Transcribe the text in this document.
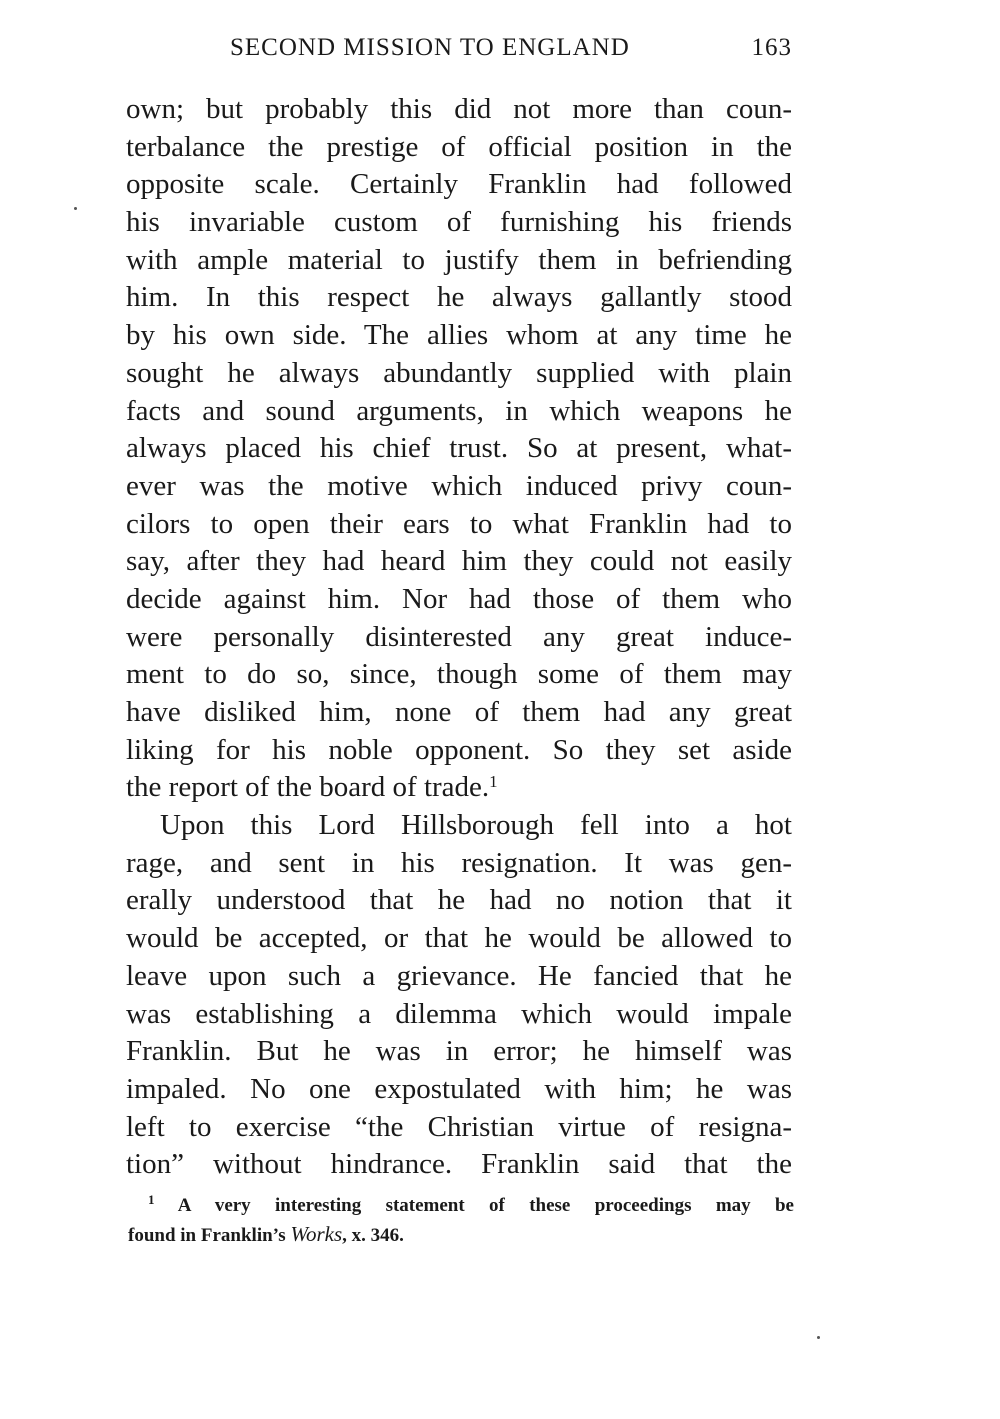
SECOND MISSION TO ENGLAND	163
own; but probably this did not more than coun-
terbalance the prestige of official position in the
opposite scale. Certainly Franklin had followed
his invariable custom of furnishing his friends
with ample material to justify them in befriending
him. In this respect he always gallantly stood
by his own side. The allies whom at any time he
sought he always abundantly supplied with plain
facts and sound arguments, in which weapons he
always placed his chief trust. So at present, what-
ever was the motive which induced privy coun-
cilors to open their ears to what Franklin had to
say, after they had heard him they could not easily
decide against him. Nor had those of them who
were personally disinterested any great induce-
ment to do so, since, though some of them may
have disliked him, none of them had any great
liking for his noble opponent. So they set aside
the report of the board of trade.$^1$
Upon this Lord Hillsborough fell into a hot
rage, and sent in his resignation. It was gen-
erally understood that he had no notion that it
would be accepted, or that he would be allowed to
leave upon such a grievance. He fancied that he
was establishing a dilemma which would impale
Franklin. But he was in error; he himself was
impaled. No one expostulated with him; he was
left to exercise “the Christian virtue of resigna-
tion” without hindrance. Franklin said that the
$^1$ A very interesting statement of these proceedings may be
found in Franklin’s Works, x. 346.
